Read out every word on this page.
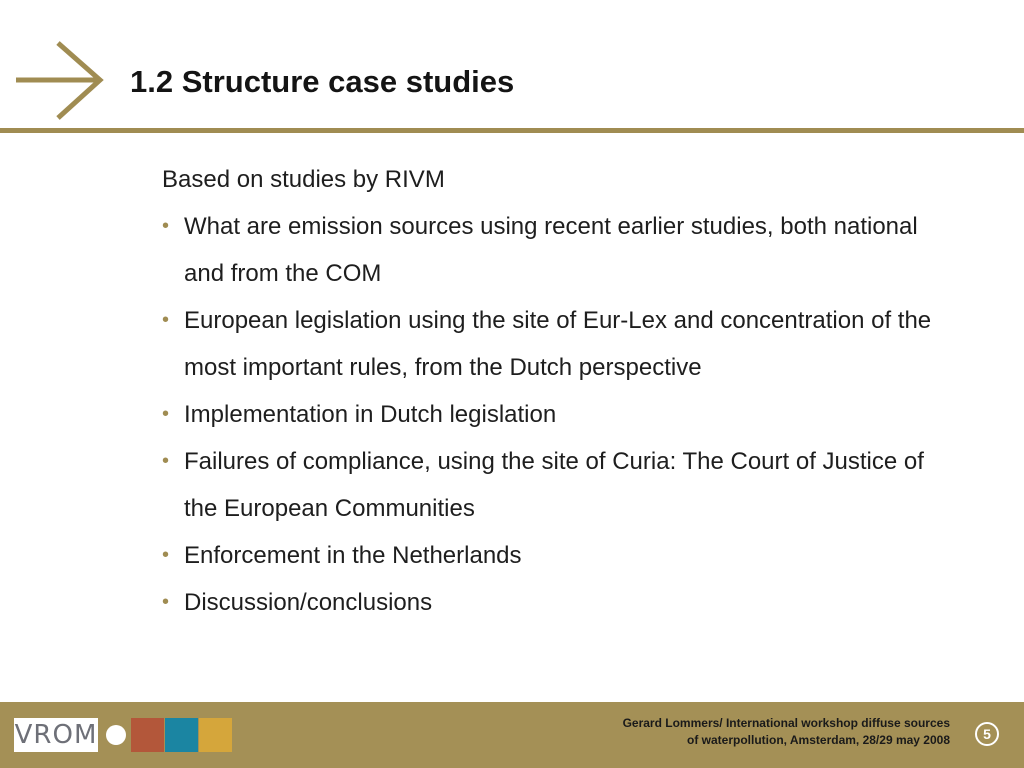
1.2 Structure case studies

Based on studies by RIVM

• What are emission sources using recent earlier studies, both national and from the COM
• European legislation using the site of Eur-Lex and concentration of the most important rules, from the Dutch perspective
• Implementation in Dutch legislation
• Failures of compliance, using the site of Curia: The Court of Justice of the European Communities
• Enforcement in the Netherlands
• Discussion/conclusions
VROM	Gerard Lommers/ International workshop diffuse sources
of waterpollution, Amsterdam, 28/29 may 2008 5
